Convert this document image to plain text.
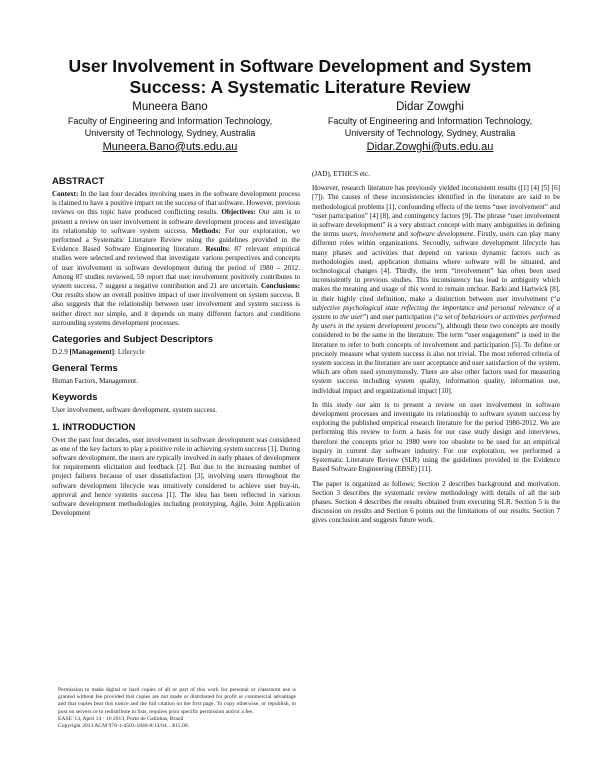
User Involvement in Software Development and System Success: A Systematic Literature Review
Muneera Bano
Faculty of Engineering and Information Technology,
University of Technology, Sydney, Australia
Muneera.Bano@uts.edu.au
Didar Zowghi
Faculty of Engineering and Information Technology,
University of Technology, Sydney, Australia
Didar.Zowghi@uts.edu.au
ABSTRACT

Context: In the last four decades involving users in the software development process is claimed to have a positive impact on the success of that software. However, previous reviews on this topic have produced conflicting results. Objectives: Our aim is to present a review on user involvement in software development process and investigate its relationship to software system success. Methods: For our exploration, we performed a Systematic Literature Review using the guidelines provided in the Evidence Based Software Engineering literature. Results: 87 relevant empirical studies were selected and reviewed that investigate various perspectives and concepts of user involvement in software development during the period of 1980 – 2012. Among 87 studies reviewed, 59 report that user involvement positively contributes to system success, 7 suggest a negative contribution and 21 are uncertain. Conclusions: Our results show an overall positive impact of user involvement on system success. It also suggests that the relationship between user involvement and system success is neither direct nor simple, and it depends on many different factors and conditions surrounding systems development processes.

Categories and Subject Descriptors

D.2.9 [Management]: Lifecycle

General Terms

Human Factors, Management.

Keywords

User involvement, software development, system success.

1. INTRODUCTION

Over the past four decades, user involvement in software development was considered as one of the key factors to play a positive role in achieving system success [1]. During software development, the users are typically involved in early phases of development for requirements elicitation and feedback [2]. But due to the increasing number of project failures because of user dissatisfaction [3], involving users throughout the software development lifecycle was intuitively considered to achieve user buy-in, approval and hence systems success [1]. The idea has been reflected in various software development methodologies including prototyping, Agile, Joint Application Development

(JAD), ETHICS etc.

However, research literature has previously yielded inconsistent results ([1] [4] [5] [6] [7]). The causes of these inconsistencies identified in the literature are said to be methodological problems [1], confounding effects of the terms “user involvement” and “user participation” [4] [8], and contingency factors [9]. The phrase “user involvement in software development” is a very abstract concept with many ambiguities in defining the terms users, involvement and software development. Firstly, users can play many different roles within organizations. Secondly, software development lifecycle has many phases and activities that depend on various dynamic factors such as methodologies used, application domains where software will be situated, and technological changes [4]. Thirdly, the term “involvement” has often been used inconsistently in previous studies. This inconsistency has lead to ambiguity which makes the meaning and usage of this word to remain unclear. Barki and Hartwick [8], in their highly cited definition, make a distinction between user involvement (“a subjective psychological state reflecting the importance and personal relevance of a system to the user”) and user participation (“a set of behaviours or activities performed by users in the system development process”), although these two concepts are mostly considered to be the same in the literature. The term “user engagement” is used in the literature to refer to both concepts of involvement and participation [5]. To define or precisely measure what system success is also not trivial. The most referred criteria of system success in the literature are user acceptance and user satisfaction of the system, which are often used synonymously. There are also other factors used for measuring system success including system quality, information quality, information use, individual impact and organizational impact [10].

In this study our aim is to present a review on user involvement in software development processes and investigate its relationship to software system success by exploring the published empirical research literature for the period 1980-2012. We are performing this review to form a basis for our case study design and interviews, therefore the concepts prior to 1980 were too obsolete to be used for an empirical inquiry in current day software industry. For our exploration, we performed a Systematic Literature Review (SLR) using the guidelines provided in the Evidence Based Software Engineering (EBSE) [11].

The paper is organized as follows; Section 2 describes background and motivation. Section 3 describes the systematic review methodology with details of all the sub phases. Section 4 describes the results obtained from executing SLR. Section 5 is the discussion on results and Section 6 points out the limitations of our results. Section 7 gives conclusion and suggests future work.

Permission to make digital or hard copies of all or part of this work for personal or classroom use is granted without fee provided that copies are not made or distributed for profit or commercial advantage and that copies bear this notice and the full citation on the first page. To copy otherwise, or republish, to post on servers or to redistribute to lists, requires prior specific permission and/or a fee.
EASE '13, April 14 - 16 2013, Porto de Galinhas, Brazil
Copyright 2013 ACM 978-1-4503-1848-8/13/04…$15.00.
